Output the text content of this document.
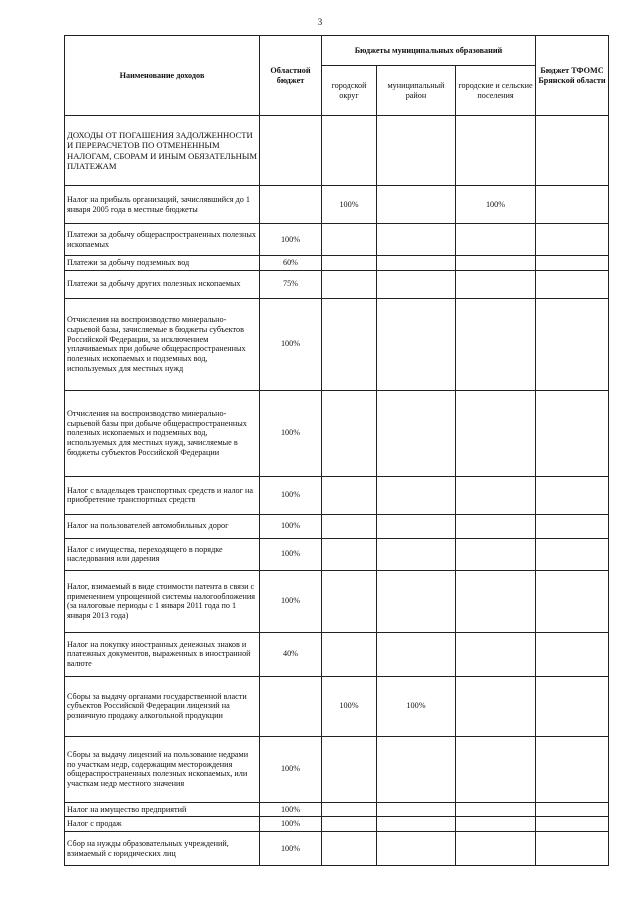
3
Наименование доходов	Областной бюджет	Бюджеты муниципальных образований			Бюджет ТФОМС Брянской области
		городской округ	муниципальный район	городские и сельские поселения	
ДОХОДЫ ОТ ПОГАШЕНИЯ ЗАДОЛЖЕННОСТИ И ПЕРЕРАСЧЕТОВ ПО ОТМЕНЕННЫМ НАЛОГАМ, СБОРАМ И ИНЫМ ОБЯЗАТЕЛЬНЫМ ПЛАТЕЖАМ					
Налог на прибыль организаций, зачислявшийся до 1 января 2005 года в местные бюджеты		100%		100%	
Платежи за добычу общераспространенных полезных ископаемых	100%				
Платежи за добычу подземных вод	60%				
Платежи за добычу других полезных ископаемых	75%				
Отчисления на воспроизводство минерально-сырьевой базы, зачисляемые в бюджеты субъектов Российской Федерации, за исключением уплачиваемых при добыче общераспространенных полезных ископаемых и подземных вод, используемых для местных нужд	100%				
Отчисления на воспроизводство минерально-сырьевой базы при добыче общераспространенных полезных ископаемых и подземных вод, используемых для местных нужд, зачисляемые в бюджеты субъектов Российской Федерации	100%				
Налог с владельцев транспортных средств и налог на приобретение транспортных средств	100%				
Налог на пользователей автомобильных дорог	100%				
Налог с имущества, переходящего в порядке наследования или дарения	100%				
Налог, взимаемый в виде стоимости патента в связи с применением упрощенной системы налогообложения (за налоговые периоды с 1 января 2011 года по 1 января 2013 года)	100%				
Налог на покупку иностранных денежных знаков и платежных документов, выраженных в иностранной валюте	40%				
Сборы за выдачу органами государственной власти субъектов Российской Федерации лицензий на розничную продажу алкогольной продукции		100%	100%		
Сборы за выдачу лицензий на пользование недрами по участкам недр, содержащим месторождения общераспространенных полезных ископаемых, или участкам недр местного значения	100%				
Налог на имущество предприятий	100%				
Налог с продаж	100%				
Сбор на нужды образовательных учреждений, взимаемый с юридических лиц	100%				
